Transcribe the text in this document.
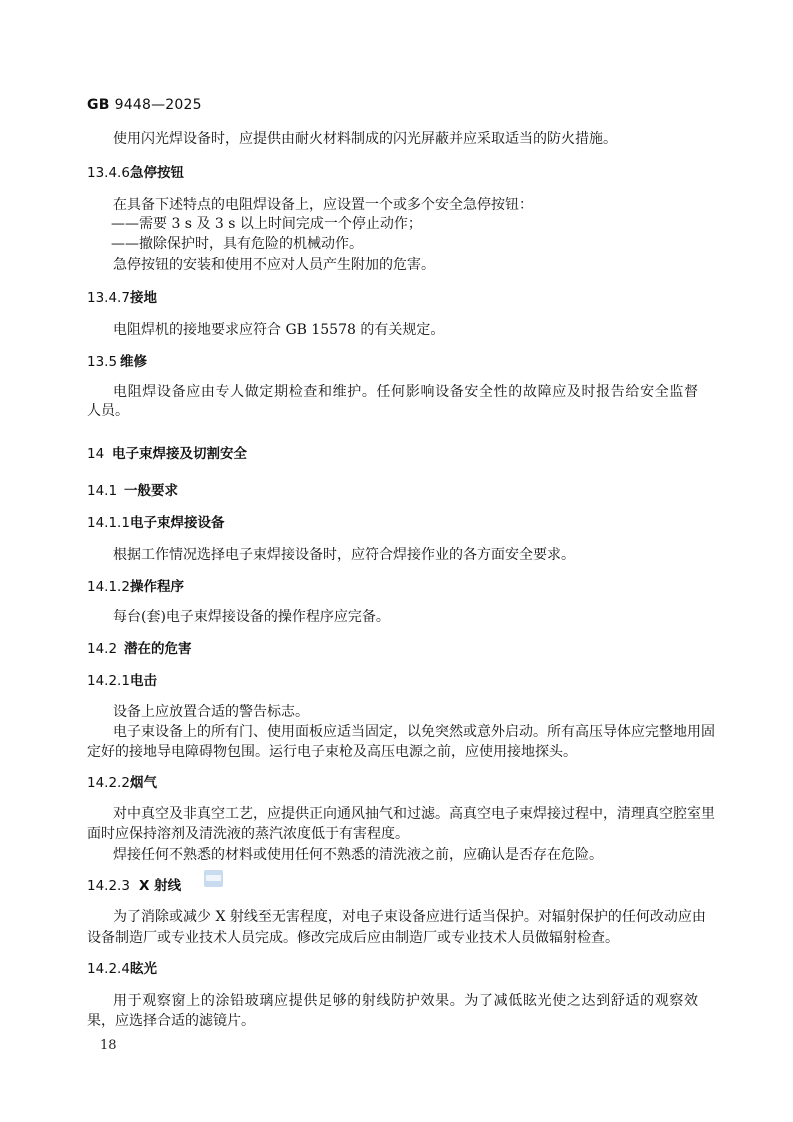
GB 9448—2025
使用闪光焊设备时，应提供由耐火材料制成的闪光屏蔽并应采取适当的防火措施。
13.4.6急停按钮
在具备下述特点的电阻焊设备上，应设置一个或多个安全急停按钮：
——需要 3 s 及 3 s 以上时间完成一个停止动作；
——撤除保护时，具有危险的机械动作。
急停按钮的安装和使用不应对人员产生附加的危害。
13.4.7接地
电阻焊机的接地要求应符合 GB 15578 的有关规定。
13.5 维修
电阻焊设备应由专人做定期检查和维护。任何影响设备安全性的故障应及时报告给安全监督
人员。
14 电子束焊接及切割安全
14.1 一般要求
14.1.1电子束焊接设备
根据工作情况选择电子束焊接设备时，应符合焊接作业的各方面安全要求。
14.1.2操作程序
每台(套)电子束焊接设备的操作程序应完备。
14.2 潜在的危害
14.2.1电击
设备上应放置合适的警告标志。
电子束设备上的所有门、使用面板应适当固定，以免突然或意外启动。所有高压导体应完整地用固
定好的接地导电障碍物包围。运行电子束枪及高压电源之前，应使用接地探头。
14.2.2烟气
对中真空及非真空工艺，应提供正向通风抽气和过滤。高真空电子束焊接过程中，清理真空腔室里
面时应保持溶剂及清洗液的蒸汽浓度低于有害程度。
焊接任何不熟悉的材料或使用任何不熟悉的清洗液之前，应确认是否存在危险。
14.2.3 X 射线
为了消除或减少 X 射线至无害程度，对电子束设备应进行适当保护。对辐射保护的任何改动应由
设备制造厂或专业技术人员完成。修改完成后应由制造厂或专业技术人员做辐射检查。
14.2.4眩光
用于观察窗上的涂铅玻璃应提供足够的射线防护效果。为了减低眩光使之达到舒适的观察效
果，应选择合适的滤镜片。
18
